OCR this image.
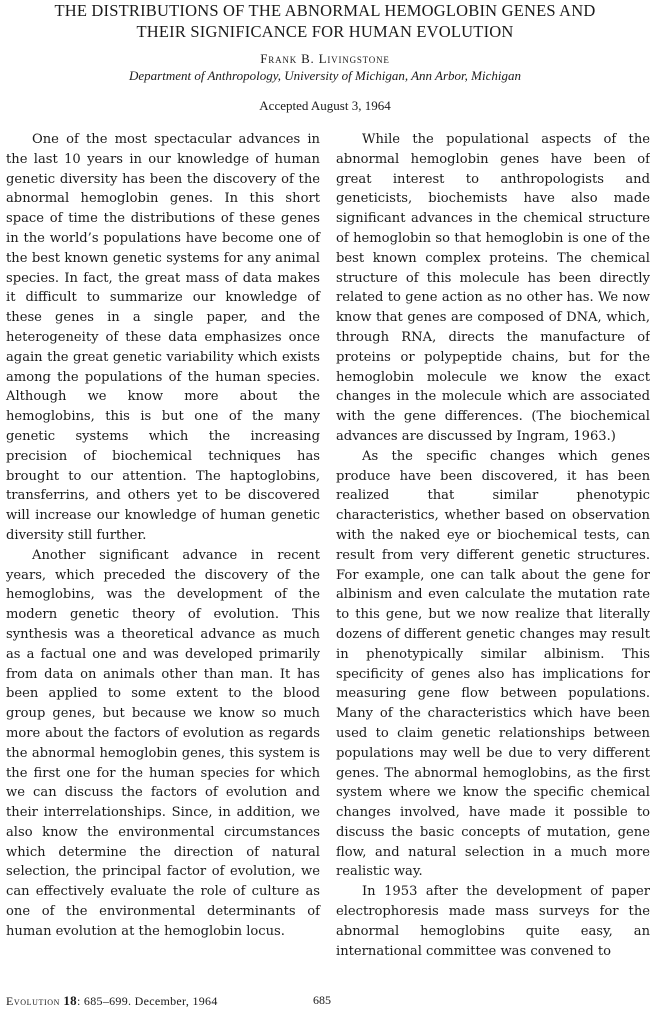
THE DISTRIBUTIONS OF THE ABNORMAL HEMOGLOBIN GENES AND
THEIR SIGNIFICANCE FOR HUMAN EVOLUTION
Frank B. Livingstone
Department of Anthropology, University of Michigan, Ann Arbor, Michigan
Accepted August 3, 1964

One of the most spectacular advances in the last 10 years in our knowledge of human genetic diversity has been the discovery of the abnormal hemoglobin genes. In this short space of time the distributions of these genes in the world’s populations have become one of the best known genetic systems for any animal species. In fact, the great mass of data makes it difficult to summarize our knowledge of these genes in a single paper, and the heterogeneity of these data emphasizes once again the great genetic variability which exists among the populations of the human species. Although we know more about the hemoglobins, this is but one of the many genetic systems which the increasing precision of biochemical techniques has brought to our attention. The haptoglobins, transferrins, and others yet to be discovered will increase our knowledge of human genetic diversity still further.

Another significant advance in recent years, which preceded the discovery of the hemoglobins, was the development of the modern genetic theory of evolution. This synthesis was a theoretical advance as much as a factual one and was developed primarily from data on animals other than man. It has been applied to some extent to the blood group genes, but because we know so much more about the factors of evolution as regards the abnormal hemoglobin genes, this system is the first one for the human species for which we can discuss the factors of evolution and their interrelationships. Since, in addition, we also know the environmental circumstances which determine the direction of natural selection, the principal factor of evolution, we can effectively evaluate the role of culture as one of the environmental determinants of human evolution at the hemoglobin locus.

While the populational aspects of the abnormal hemoglobin genes have been of great interest to anthropologists and geneticists, biochemists have also made significant advances in the chemical structure of hemoglobin so that hemoglobin is one of the best known complex proteins. The chemical structure of this molecule has been directly related to gene action as no other has. We now know that genes are composed of DNA, which, through RNA, directs the manufacture of proteins or polypeptide chains, but for the hemoglobin molecule we know the exact changes in the molecule which are associated with the gene differences. (The biochemical advances are discussed by Ingram, 1963.)

As the specific changes which genes produce have been discovered, it has been realized that similar phenotypic characteristics, whether based on observation with the naked eye or biochemical tests, can result from very different genetic structures. For example, one can talk about the gene for albinism and even calculate the mutation rate to this gene, but we now realize that literally dozens of different genetic changes may result in phenotypically similar albinism. This specificity of genes also has implications for measuring gene flow between populations. Many of the characteristics which have been used to claim genetic relationships between populations may well be due to very different genes. The abnormal hemoglobins, as the first system where we know the specific chemical changes involved, have made it possible to discuss the basic concepts of mutation, gene flow, and natural selection in a much more realistic way.

In 1953 after the development of paper electrophoresis made mass surveys for the abnormal hemoglobins quite easy, an international committee was convened to

Evolution 18: 685–699. December, 1964	685
